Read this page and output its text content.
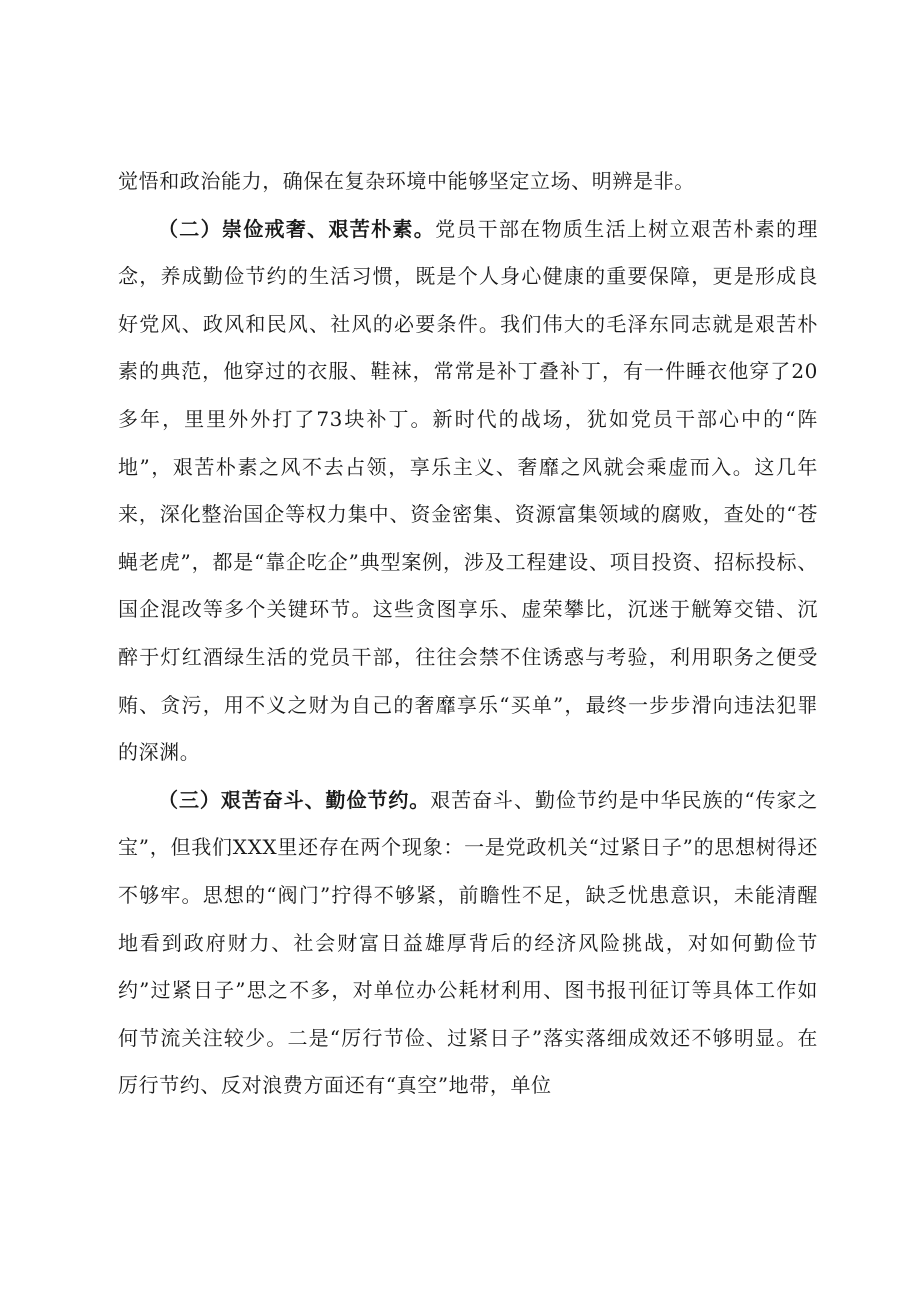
觉悟和政治能力，确保在复杂环境中能够坚定立场、明辨是非。

（二）崇俭戒奢、艰苦朴素。党员干部在物质生活上树立艰苦朴素的理念，养成勤俭节约的生活习惯，既是个人身心健康的重要保障，更是形成良好党风、政风和民风、社风的必要条件。我们伟大的毛泽东同志就是艰苦朴素的典范，他穿过的衣服、鞋袜，常常是补丁叠补丁，有一件睡衣他穿了20多年，里里外外打了73块补丁。新时代的战场，犹如党员干部心中的“阵地”，艰苦朴素之风不去占领，享乐主义、奢靡之风就会乘虚而入。这几年来，深化整治国企等权力集中、资金密集、资源富集领域的腐败，查处的“苍蝇老虎”，都是“靠企吃企”典型案例，涉及工程建设、项目投资、招标投标、国企混改等多个关键环节。这些贪图享乐、虚荣攀比，沉迷于觥筹交错、沉醉于灯红酒绿生活的党员干部，往往会禁不住诱惑与考验，利用职务之便受贿、贪污，用不义之财为自己的奢靡享乐“买单”，最终一步步滑向违法犯罪的深渊。

（三）艰苦奋斗、勤俭节约。艰苦奋斗、勤俭节约是中华民族的“传家之宝”，但我们XXX里还存在两个现象：一是党政机关“过紧日子”的思想树得还不够牢。思想的“阀门”拧得不够紧，前瞻性不足，缺乏忧患意识，未能清醒地看到政府财力、社会财富日益雄厚背后的经济风险挑战，对如何勤俭节约”过紧日子”思之不多，对单位办公耗材利用、图书报刊征订等具体工作如何节流关注较少。二是“厉行节俭、过紧日子”落实落细成效还不够明显。在厉行节约、反对浪费方面还有“真空”地带，单位
